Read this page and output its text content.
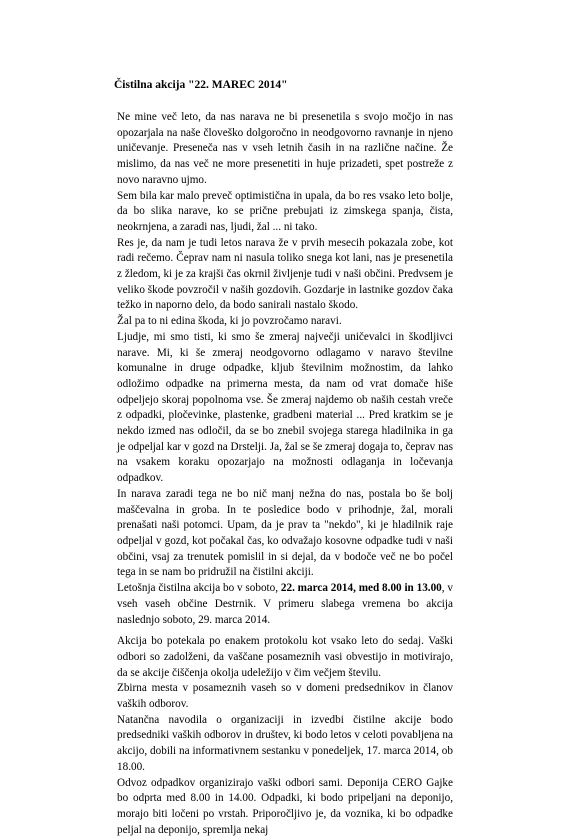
Čistilna akcija "22. MAREC 2014"

Ne mine več leto, da nas narava ne bi presenetila s svojo močjo in nas opozarjala na naše človeško dolgoročno in neodgovorno ravnanje in njeno uničevanje. Preseneča nas v vseh letnih časih in na različne načine. Že mislimo, da nas več ne more presenetiti in huje prizadeti, spet postreže z novo naravno ujmo.

Sem bila kar malo preveč optimistična in upala, da bo res vsako leto bolje, da bo slika narave, ko se prične prebujati iz zimskega spanja, čista, neokrnjena, a zaradi nas, ljudi, žal ... ni tako.

Res je, da nam je tudi letos narava že v prvih mesecih pokazala zobe, kot radi rečemo. Čeprav nam ni nasula toliko snega kot lani, nas je presenetila z žledom, ki je za krajši čas okrnil življenje tudi v naši občini. Predvsem je veliko škode povzročil v naših gozdovih. Gozdarje in lastnike gozdov čaka težko in naporno delo, da bodo sanirali nastalo škodo.

Žal pa to ni edina škoda, ki jo povzročamo naravi.

Ljudje, mi smo tisti, ki smo še zmeraj največji uničevalci in škodljivci narave. Mi, ki še zmeraj neodgovorno odlagamo v naravo številne komunalne in druge odpadke, kljub številnim možnostim, da lahko odložimo odpadke na primerna mesta, da nam od vrat domače hiše odpeljejo skoraj popolnoma vse. Še zmeraj najdemo ob naših cestah vreče z odpadki, pločevinke, plastenke, gradbeni material ... Pred kratkim se je nekdo izmed nas odločil, da se bo znebil svojega starega hladilnika in ga je odpeljal kar v gozd na Drstelji. Ja, žal se še zmeraj dogaja to, čeprav nas na vsakem koraku opozarjajo na možnosti odlaganja in ločevanja odpadkov.

In narava zaradi tega ne bo nič manj nežna do nas, postala bo še bolj maščevalna in groba. In te posledice bodo v prihodnje, žal, morali prenašati naši potomci. Upam, da je prav ta "nekdo", ki je hladilnik raje odpeljal v gozd, kot počakal čas, ko odvažajo kosovne odpadke tudi v naši občini, vsaj za trenutek pomislil in si dejal, da v bodoče več ne bo počel tega in se nam bo pridružil na čistilni akciji.

Letošnja čistilna akcija bo v soboto, 22. marca 2014, med 8.00 in 13.00, v vseh vaseh občine Destrnik. V primeru slabega vremena bo akcija naslednjo soboto, 29. marca 2014.

Akcija bo potekala po enakem protokolu kot vsako leto do sedaj. Vaški odbori so zadolženi, da vaščane posameznih vasi obvestijo in motivirajo, da se akcije čiščenja okolja udeležijo v čim večjem številu.

Zbirna mesta v posameznih vaseh so v domeni predsednikov in članov vaških odborov.

Natančna navodila o organizaciji in izvedbi čistilne akcije bodo predsedniki vaških odborov in društev, ki bodo letos v celoti povabljena na akcijo, dobili na informativnem sestanku v ponedeljek, 17. marca 2014, ob 18.00.

Odvoz odpadkov organizirajo vaški odbori sami. Deponija CERO Gajke bo odprta med 8.00 in 14.00. Odpadki, ki bodo pripeljani na deponijo, morajo biti ločeni po vrstah. Priporočljivo je, da voznika, ki bo odpadke peljal na deponijo, spremlja nekaj
